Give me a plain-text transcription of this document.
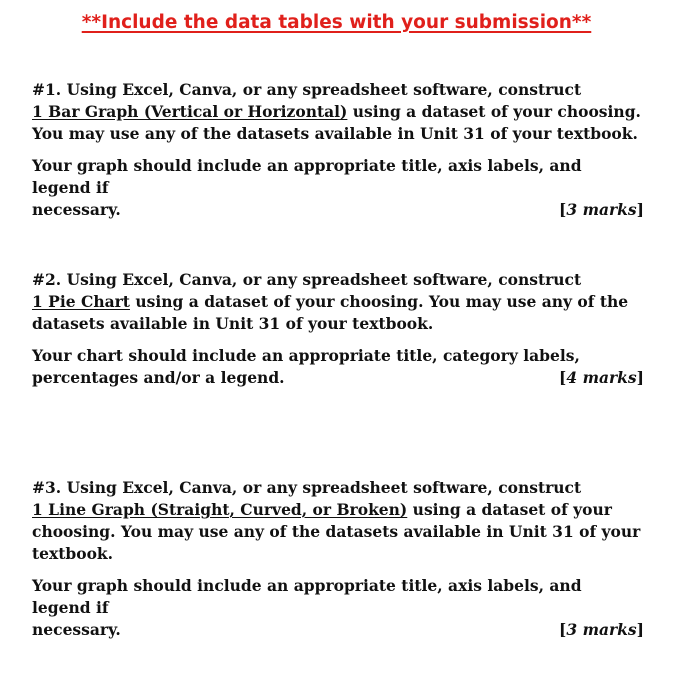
**Include the data tables with your submission**

#1. Using Excel, Canva, or any spreadsheet software, construct
1 Bar Graph (Vertical or Horizontal) using a dataset of your choosing.
You may use any of the datasets available in Unit 31 of your textbook.

Your graph should include an appropriate title, axis labels, and legend if
necessary.	[3 marks]

#2. Using Excel, Canva, or any spreadsheet software, construct
1 Pie Chart using a dataset of your choosing. You may use any of the
datasets available in Unit 31 of your textbook.

Your chart should include an appropriate title, category labels,
percentages and/or a legend.	[4 marks]

#3. Using Excel, Canva, or any spreadsheet software, construct
1 Line Graph (Straight, Curved, or Broken) using a dataset of your
choosing. You may use any of the datasets available in Unit 31 of your
textbook.

Your graph should include an appropriate title, axis labels, and legend if
necessary.	[3 marks]
